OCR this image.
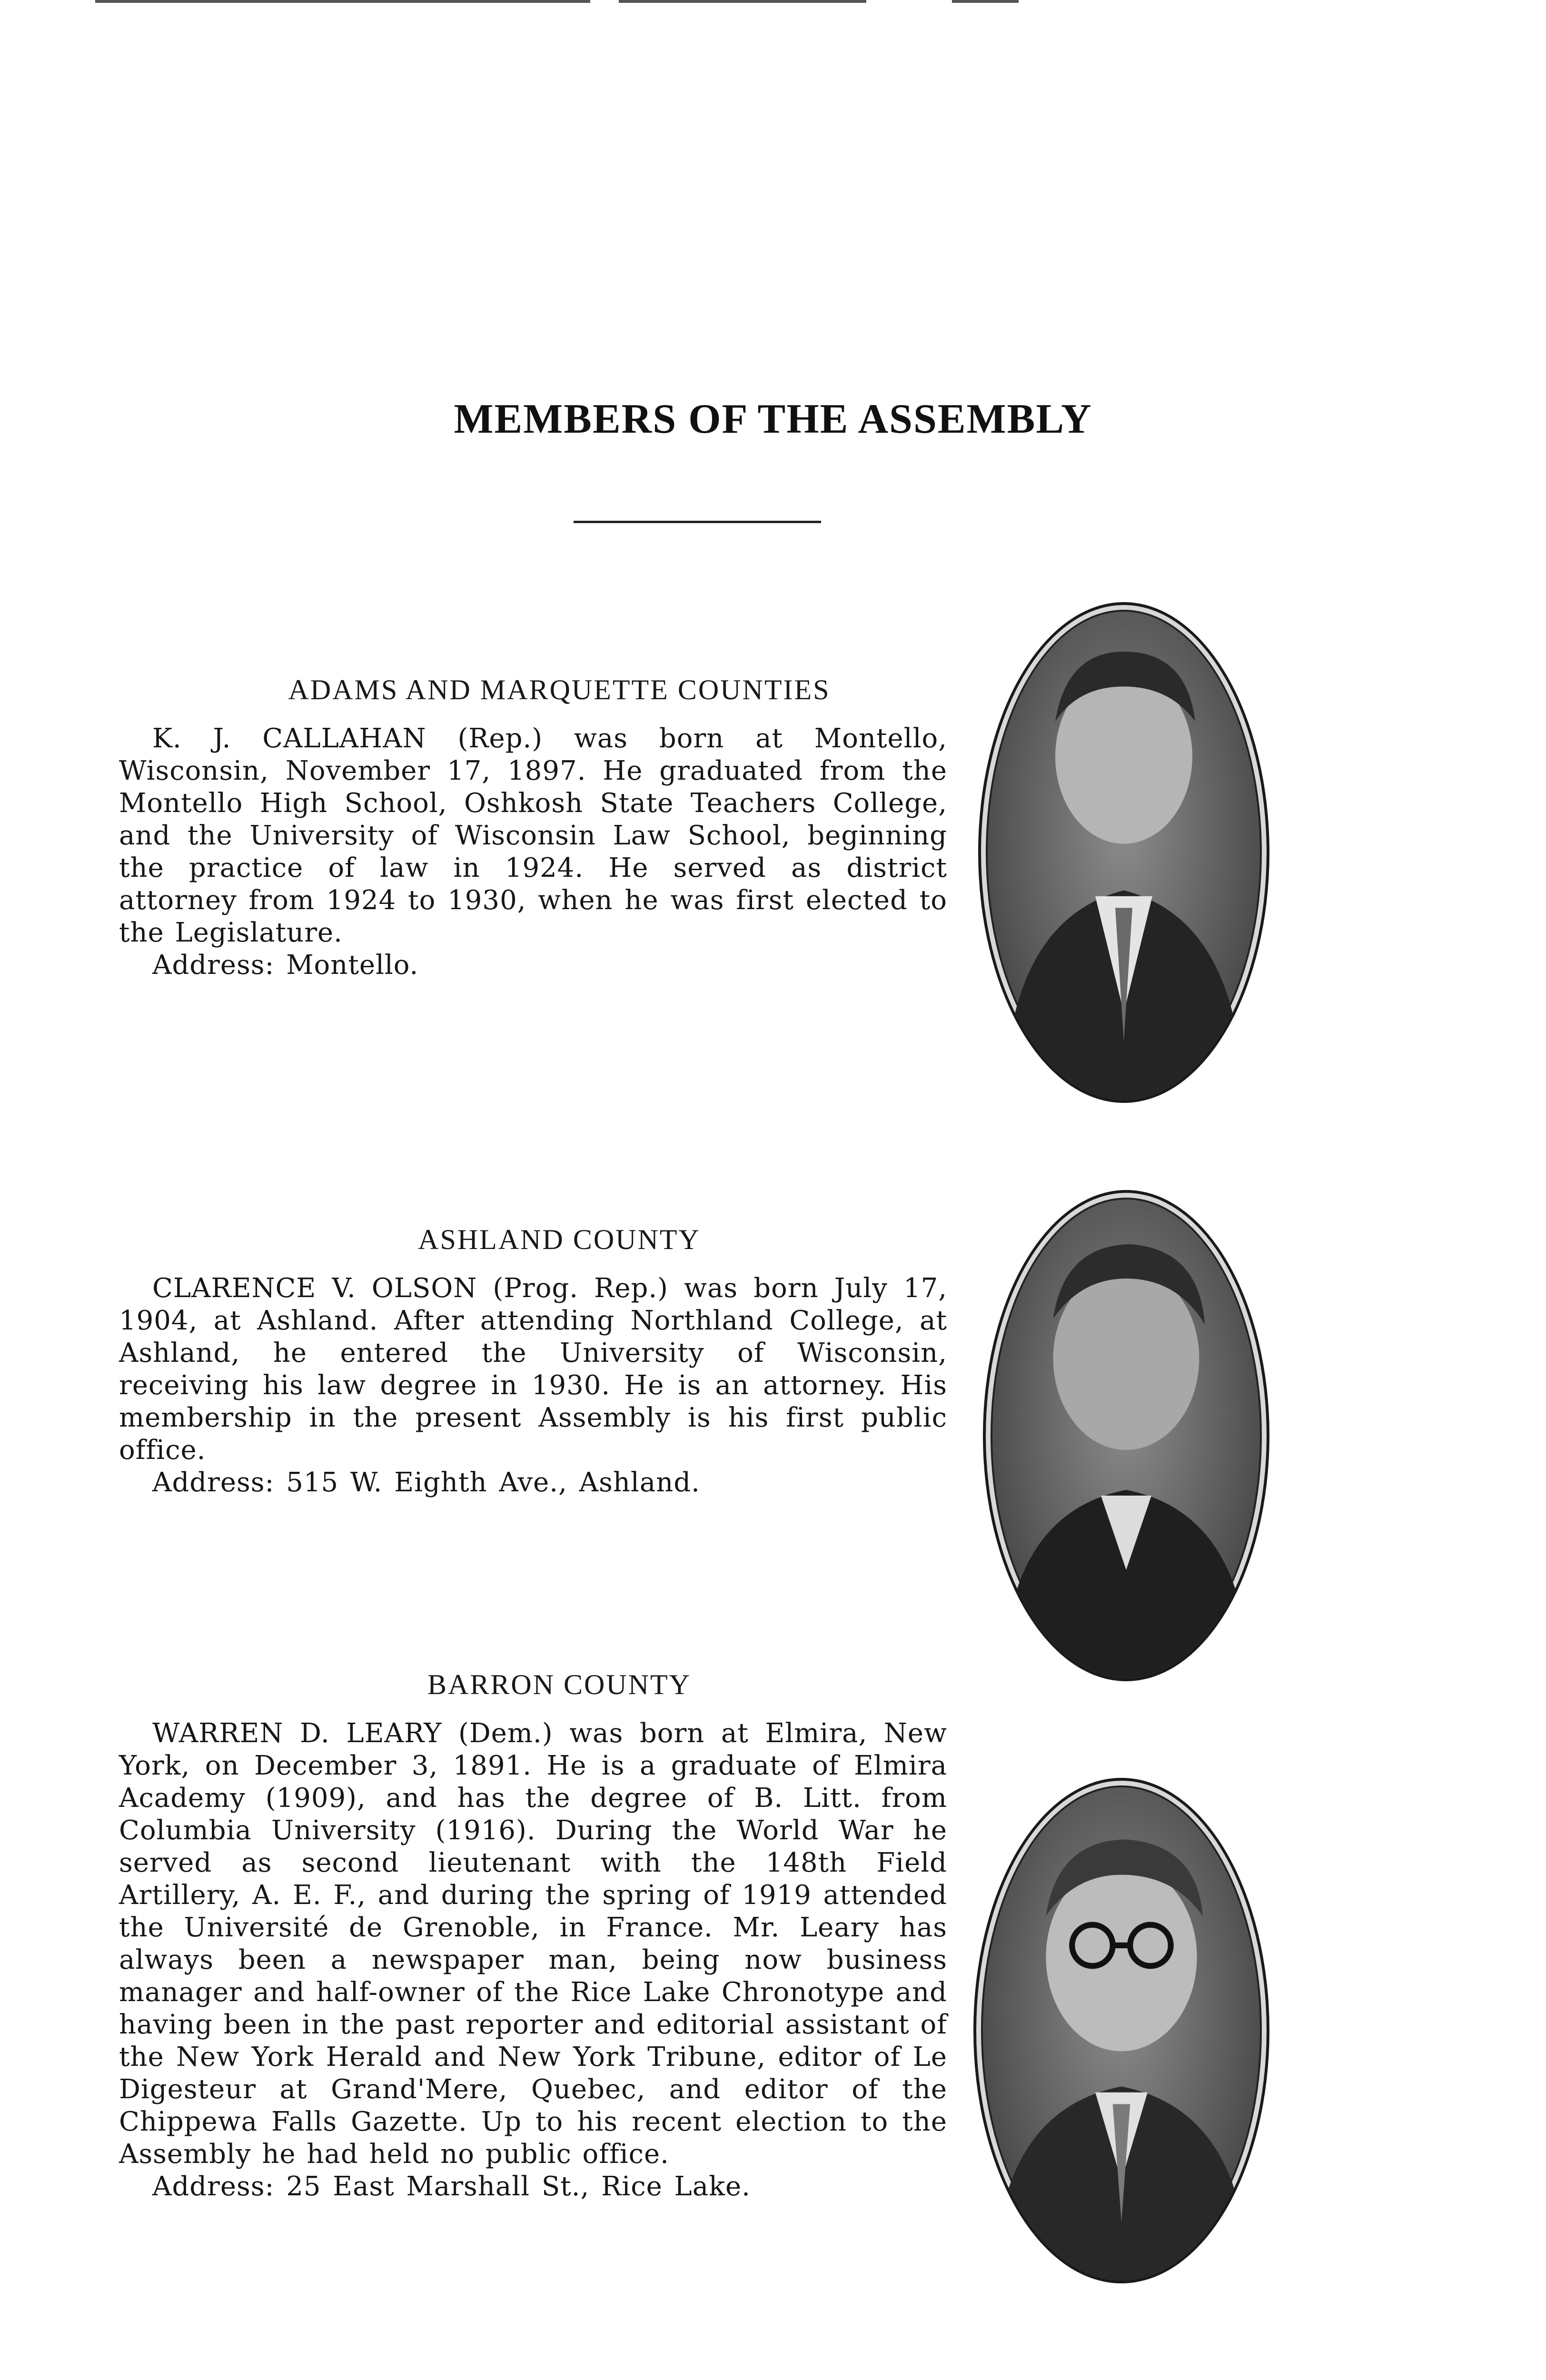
MEMBERS OF THE ASSEMBLY
ADAMS AND MARQUETTE COUNTIES

K. J. CALLAHAN (Rep.) was born at Montello, Wisconsin, November 17, 1897. He graduated from the Montello High School, Oshkosh State Teachers College, and the University of Wisconsin Law School, beginning the practice of law in 1924. He served as district attorney from 1924 to 1930, when he was first elected to the Legislature.

Address: Montello.

ASHLAND COUNTY

CLARENCE V. OLSON (Prog. Rep.) was born July 17, 1904, at Ashland. After attending Northland College, at Ashland, he entered the University of Wisconsin, receiving his law degree in 1930. He is an attorney. His membership in the present Assembly is his first public office.

Address: 515 W. Eighth Ave., Ashland.

BARRON COUNTY

WARREN D. LEARY (Dem.) was born at Elmira, New York, on December 3, 1891. He is a graduate of Elmira Academy (1909), and has the degree of B. Litt. from Columbia University (1916). During the World War he served as second lieutenant with the 148th Field Artillery, A. E. F., and during the spring of 1919 attended the Université de Grenoble, in France. Mr. Leary has always been a newspaper man, being now business manager and half-owner of the Rice Lake Chronotype and having been in the past reporter and editorial assistant of the New York Herald and New York Tribune, editor of Le Digesteur at Grand'Mere, Quebec, and editor of the Chippewa Falls Gazette. Up to his recent election to the Assembly he had held no public office.

Address: 25 East Marshall St., Rice Lake.
